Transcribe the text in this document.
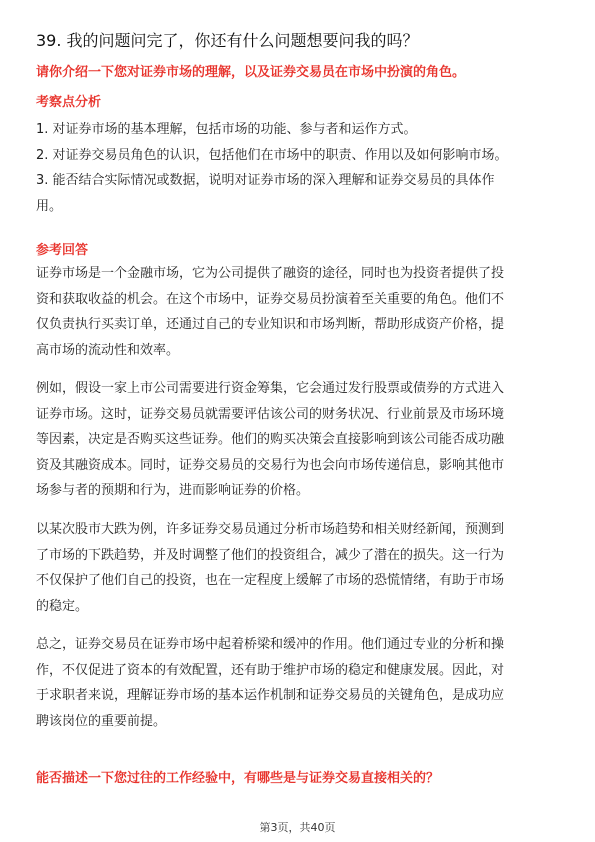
39. 我的问题问完了，你还有什么问题想要问我的吗？
请你介绍一下您对证券市场的理解，以及证券交易员在市场中扮演的角色。
考察点分析
1. 对证券市场的基本理解，包括市场的功能、参与者和运作方式。
2. 对证券交易员角色的认识，包括他们在市场中的职责、作用以及如何影响市场。
3. 能否结合实际情况或数据，说明对证券市场的深入理解和证券交易员的具体作
用。
参考回答
证券市场是一个金融市场，它为公司提供了融资的途径，同时也为投资者提供了投
资和获取收益的机会。在这个市场中，证券交易员扮演着至关重要的角色。他们不
仅负责执行买卖订单，还通过自己的专业知识和市场判断，帮助形成资产价格，提
高市场的流动性和效率。
例如，假设一家上市公司需要进行资金筹集，它会通过发行股票或债券的方式进入
证券市场。这时，证券交易员就需要评估该公司的财务状况、行业前景及市场环境
等因素，决定是否购买这些证券。他们的购买决策会直接影响到该公司能否成功融
资及其融资成本。同时，证券交易员的交易行为也会向市场传递信息，影响其他市
场参与者的预期和行为，进而影响证券的价格。
以某次股市大跌为例，许多证券交易员通过分析市场趋势和相关财经新闻，预测到
了市场的下跌趋势，并及时调整了他们的投资组合，减少了潜在的损失。这一行为
不仅保护了他们自己的投资，也在一定程度上缓解了市场的恐慌情绪，有助于市场
的稳定。
总之，证券交易员在证券市场中起着桥梁和缓冲的作用。他们通过专业的分析和操
作，不仅促进了资本的有效配置，还有助于维护市场的稳定和健康发展。因此，对
于求职者来说，理解证券市场的基本运作机制和证券交易员的关键角色，是成功应
聘该岗位的重要前提。
能否描述一下您过往的工作经验中，有哪些是与证券交易直接相关的？
第3页，共40页
